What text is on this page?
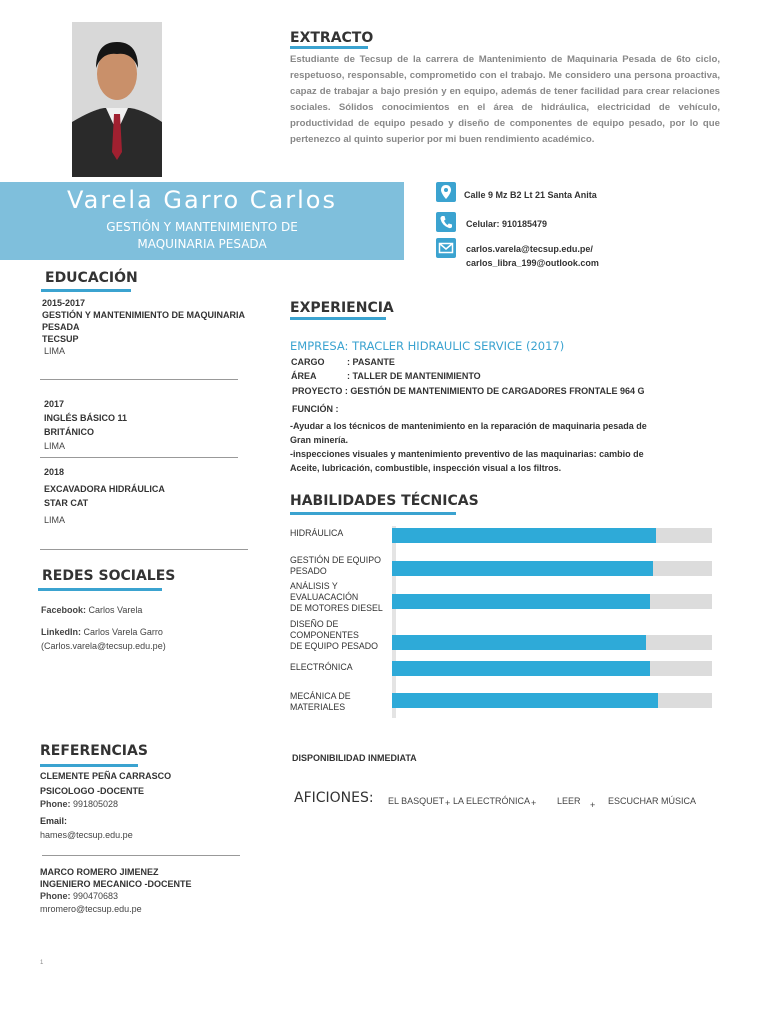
EXTRACTO
Estudiante de Tecsup de la carrera de Mantenimiento de Maquinaria Pesada de 6to ciclo, respetuoso, responsable, comprometido con el trabajo. Me considero una persona proactiva, capaz de trabajar a bajo presión y en equipo, además de tener facilidad para crear relaciones sociales. Sólidos conocimientos en el área de hidráulica, electricidad de vehículo, productividad de equipo pesado y diseño de componentes de equipo pesado, por lo que pertenezco al quinto superior por mi buen rendimiento académico.
Varela Garro Carlos
GESTIÓN Y MANTENIMIENTO DE
MAQUINARIA PESADA
Calle 9 Mz B2 Lt 21 Santa Anita
Celular: 910185479
carlos.varela@tecsup.edu.pe/
carlos_libra_199@outlook.com
EDUCACIÓN
2015-2017
GESTIÓN Y MANTENIMIENTO DE MAQUINARIA
PESADA
TECSUP
LIMA
2017
INGLÉS BÁSICO 11
BRITÁNICO
LIMA
2018
EXCAVADORA HIDRÁULICA
STAR CAT
LIMA
REDES SOCIALES
Facebook: Carlos Varela
LinkedIn: Carlos Varela Garro
(Carlos.varela@tecsup.edu.pe)
REFERENCIAS
CLEMENTE PEÑA CARRASCO
PSICOLOGO -DOCENTE
Phone: 991805028
Email:
hames@tecsup.edu.pe
MARCO ROMERO JIMENEZ
INGENIERO MECANICO -DOCENTE
Phone: 990470683
mromero@tecsup.edu.pe
1
EXPERIENCIA
EMPRESA: TRACLER HIDRAULIC SERVICE (2017)
CARGO	: PASANTE
ÁREA	: TALLER DE MANTENIMIENTO
PROYECTO : GESTIÓN DE MANTENIMIENTO DE CARGADORES FRONTALE 964 G
FUNCIÓN :
-Ayudar a los técnicos de mantenimiento en la reparación de maquinaria pesada de
Gran minería.
-inspecciones visuales y mantenimiento preventivo de las maquinarias: cambio de
Aceite, lubricación, combustible, inspección visual a los filtros.
HABILIDADES TÉCNICAS
HIDRÁULICA
GESTIÓN DE EQUIPO
PESADO
ANÁLISIS Y
EVALUACACIÓN
DE MOTORES DIESEL
DISEÑO DE
COMPONENTES
DE EQUIPO PESADO
ELECTRÓNICA
MECÁNICA DE
MATERIALES
DISPONIBILIDAD INMEDIATA
AFICIONES: EL BASQUET + LA ELECTRÓNICA + LEER + ESCUCHAR MÚSICA
